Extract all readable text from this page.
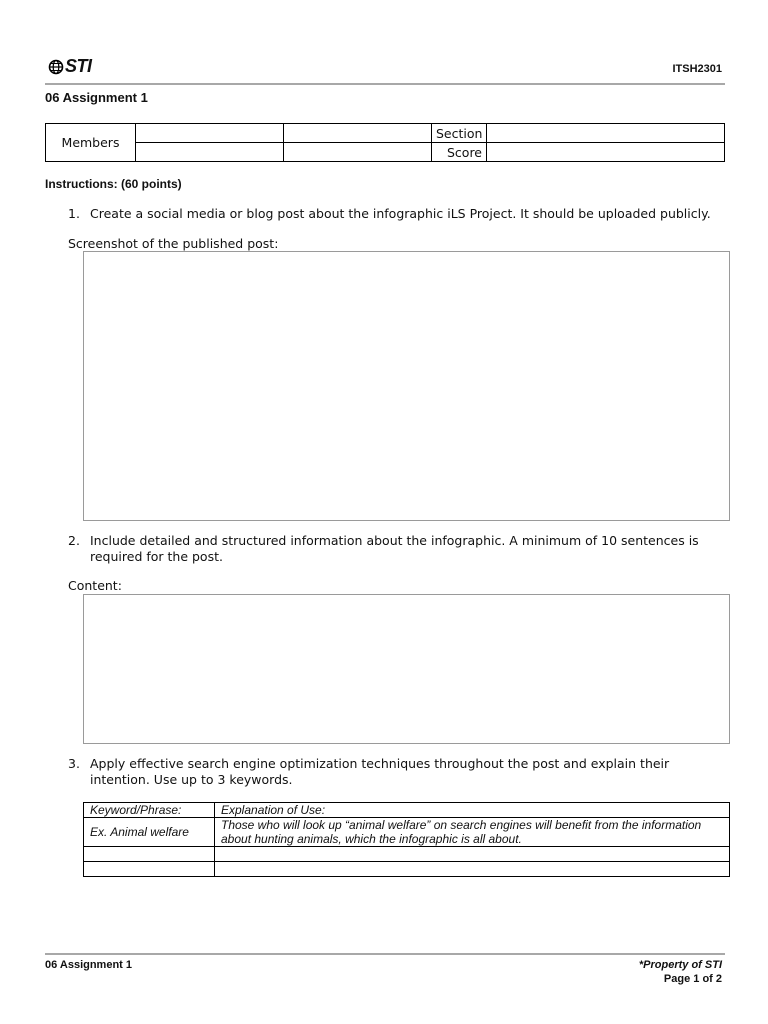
STI	ITSH2301
06 Assignment 1
Members			Section	
			Score	
Instructions: (60 points)
1. Create a social media or blog post about the infographic iLS Project. It should be uploaded publicly.
Screenshot of the published post:
2. Include detailed and structured information about the infographic. A minimum of 10 sentences is required for the post.
Content:
3. Apply effective search engine optimization techniques throughout the post and explain their intention. Use up to 3 keywords.
Keyword/Phrase:	Explanation of Use:
Ex. Animal welfare	Those who will look up “animal welfare” on search engines will benefit from the information about hunting animals, which the infographic is all about.

06 Assignment 1	*Property of STI
Page 1 of 2
